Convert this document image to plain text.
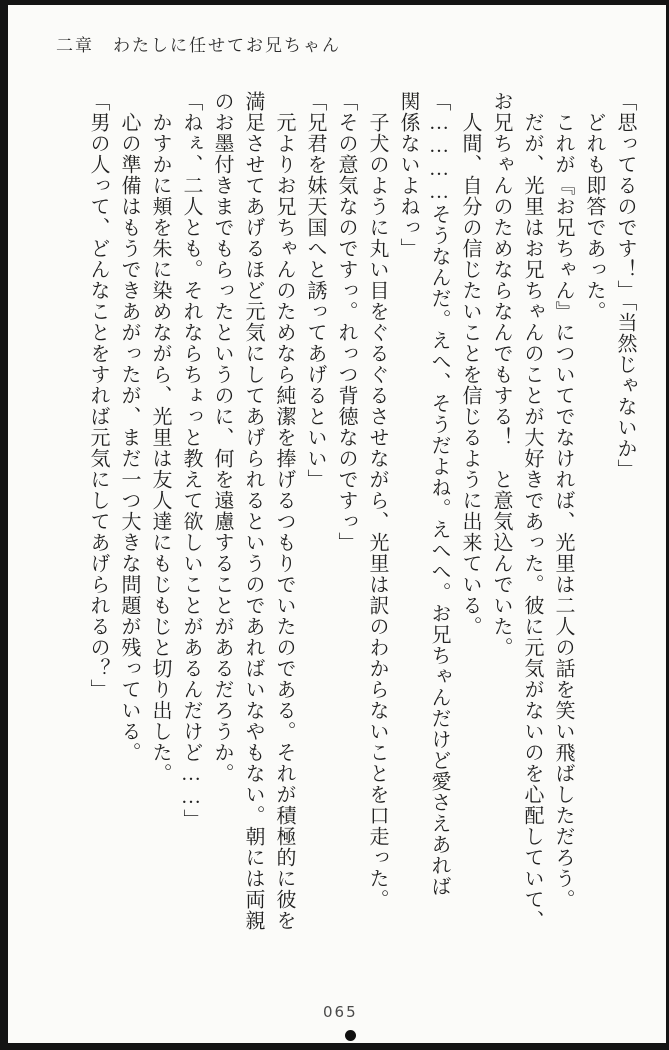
二章　わたしに任せてお兄ちゃん

「思ってるのです！」「当然じゃないか」

　どれも即答であった。

　これが『お兄ちゃん』についてでなければ、光里は二人の話を笑い飛ばしただろう。

　だが、光里はお兄ちゃんのことが大好きであった。彼に元気がないのを心配していて、

お兄ちゃんのためならなんでもする！　と意気込んでいた。

　人間、自分の信じたいことを信じるように出来ている。

「…………そうなんだ。えへ、そうだよね。えへへ。お兄ちゃんだけど愛さえあれば

関係ないよねっ」

　子犬のように丸い目をぐるぐるさせながら、光里は訳のわからないことを口走った。

「その意気なのですっ。れっつ背徳なのですっ」

「兄君を妹天国へと誘ってあげるといい」

　元よりお兄ちゃんのためなら純潔を捧げるつもりでいたのである。それが積極的に彼を

満足させてあげるほど元気にしてあげられるというのであればいなやもない。朝には両親

のお墨付きまでもらったというのに、何を遠慮することがあるだろうか。

「ねぇ、二人とも。それならちょっと教えて欲しいことがあるんだけど……」

　かすかに頬を朱に染めながら、光里は友人達にもじもじと切り出した。

　心の準備はもうできあがったが、まだ一つ大きな問題が残っている。

「男の人って、どんなことをすれば元気にしてあげられるの？」

065
